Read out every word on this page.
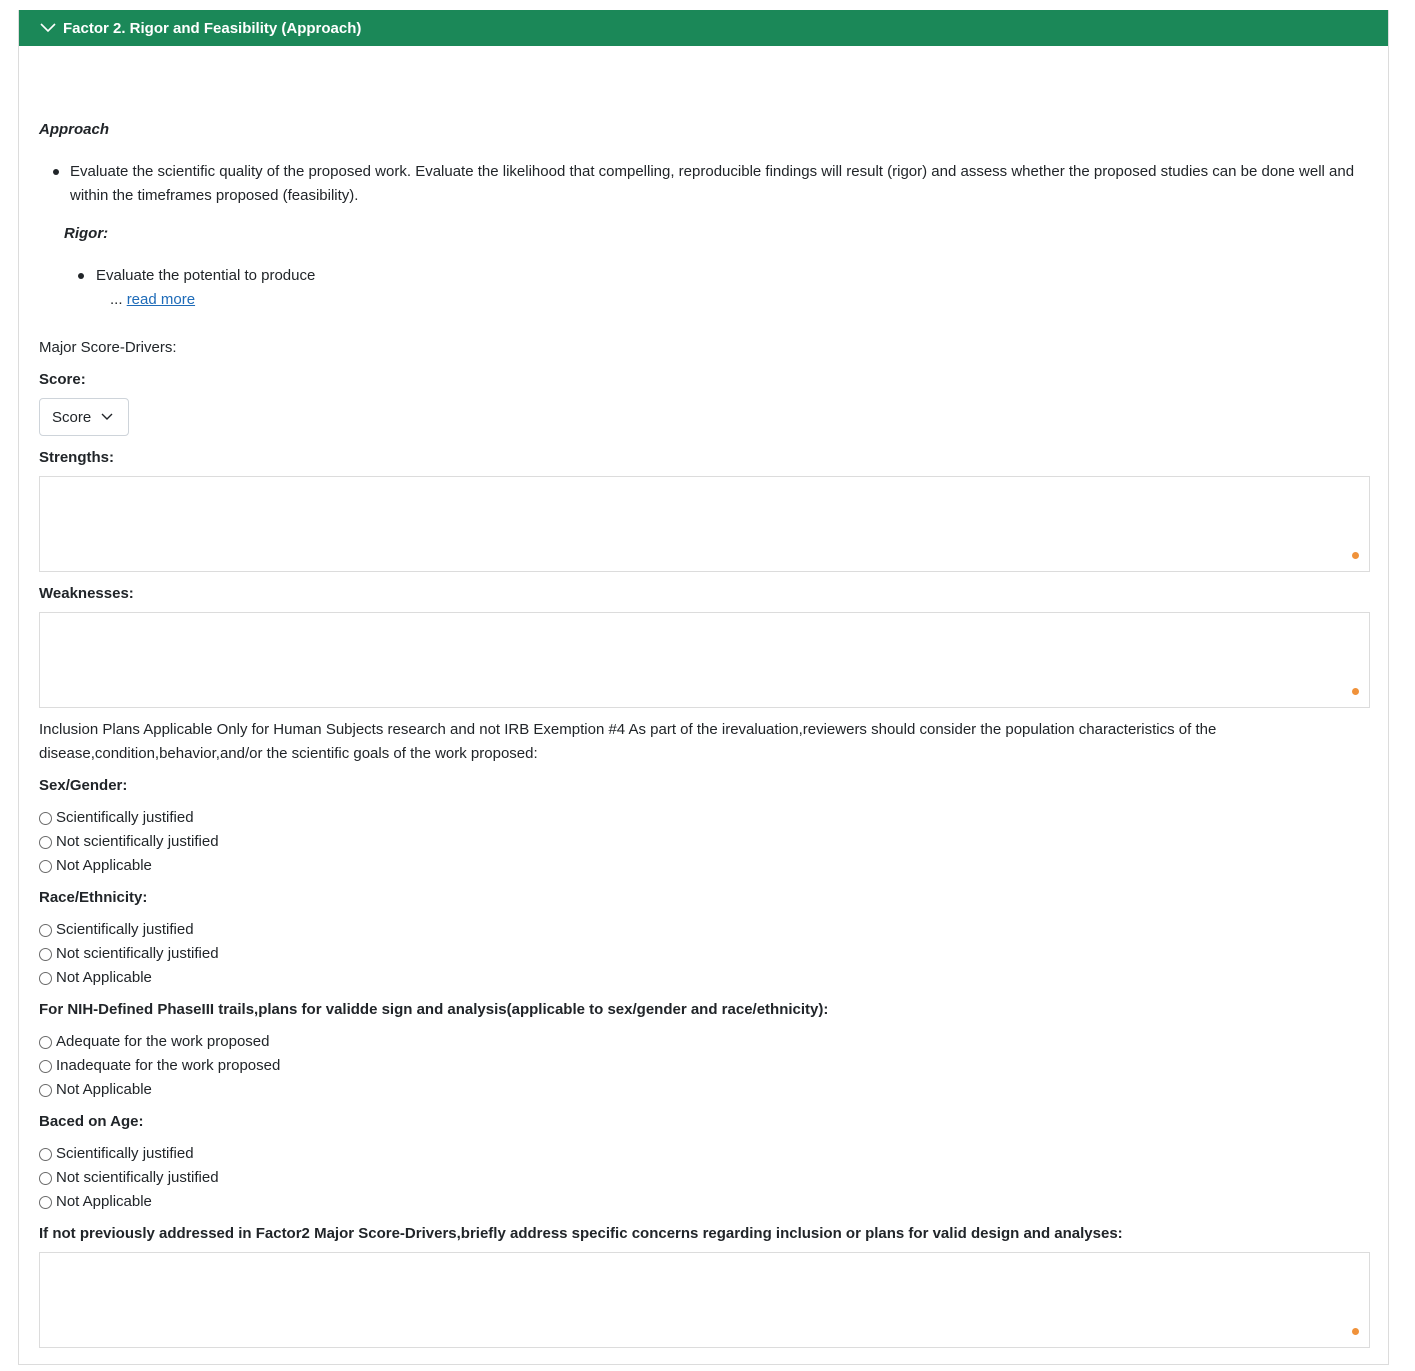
Factor 2. Rigor and Feasibility (Approach)
Approach
Evaluate the scientific quality of the proposed work. Evaluate the likelihood that compelling, reproducible findings will result (rigor) and assess whether the proposed studies can be done well and within the timeframes proposed (feasibility).
Rigor:
Evaluate the potential to produce
... read more
Major Score-Drivers:
Score:
Score
Strengths:
Weaknesses:
Inclusion Plans Applicable Only for Human Subjects research and not IRB Exemption #4 As part of the irevaluation,reviewers should consider the population characteristics of the disease,condition,behavior,and/or the scientific goals of the work proposed:
Sex/Gender:
Scientifically justified
Not scientifically justified
Not Applicable
Race/Ethnicity:
Scientifically justified
Not scientifically justified
Not Applicable
For NIH-Defined PhaseIII trails,plans for validde sign and analysis(applicable to sex/gender and race/ethnicity):
Adequate for the work proposed
Inadequate for the work proposed
Not Applicable
Baced on Age:
Scientifically justified
Not scientifically justified
Not Applicable
If not previously addressed in Factor2 Major Score-Drivers,briefly address specific concerns regarding inclusion or plans for valid design and analyses:
